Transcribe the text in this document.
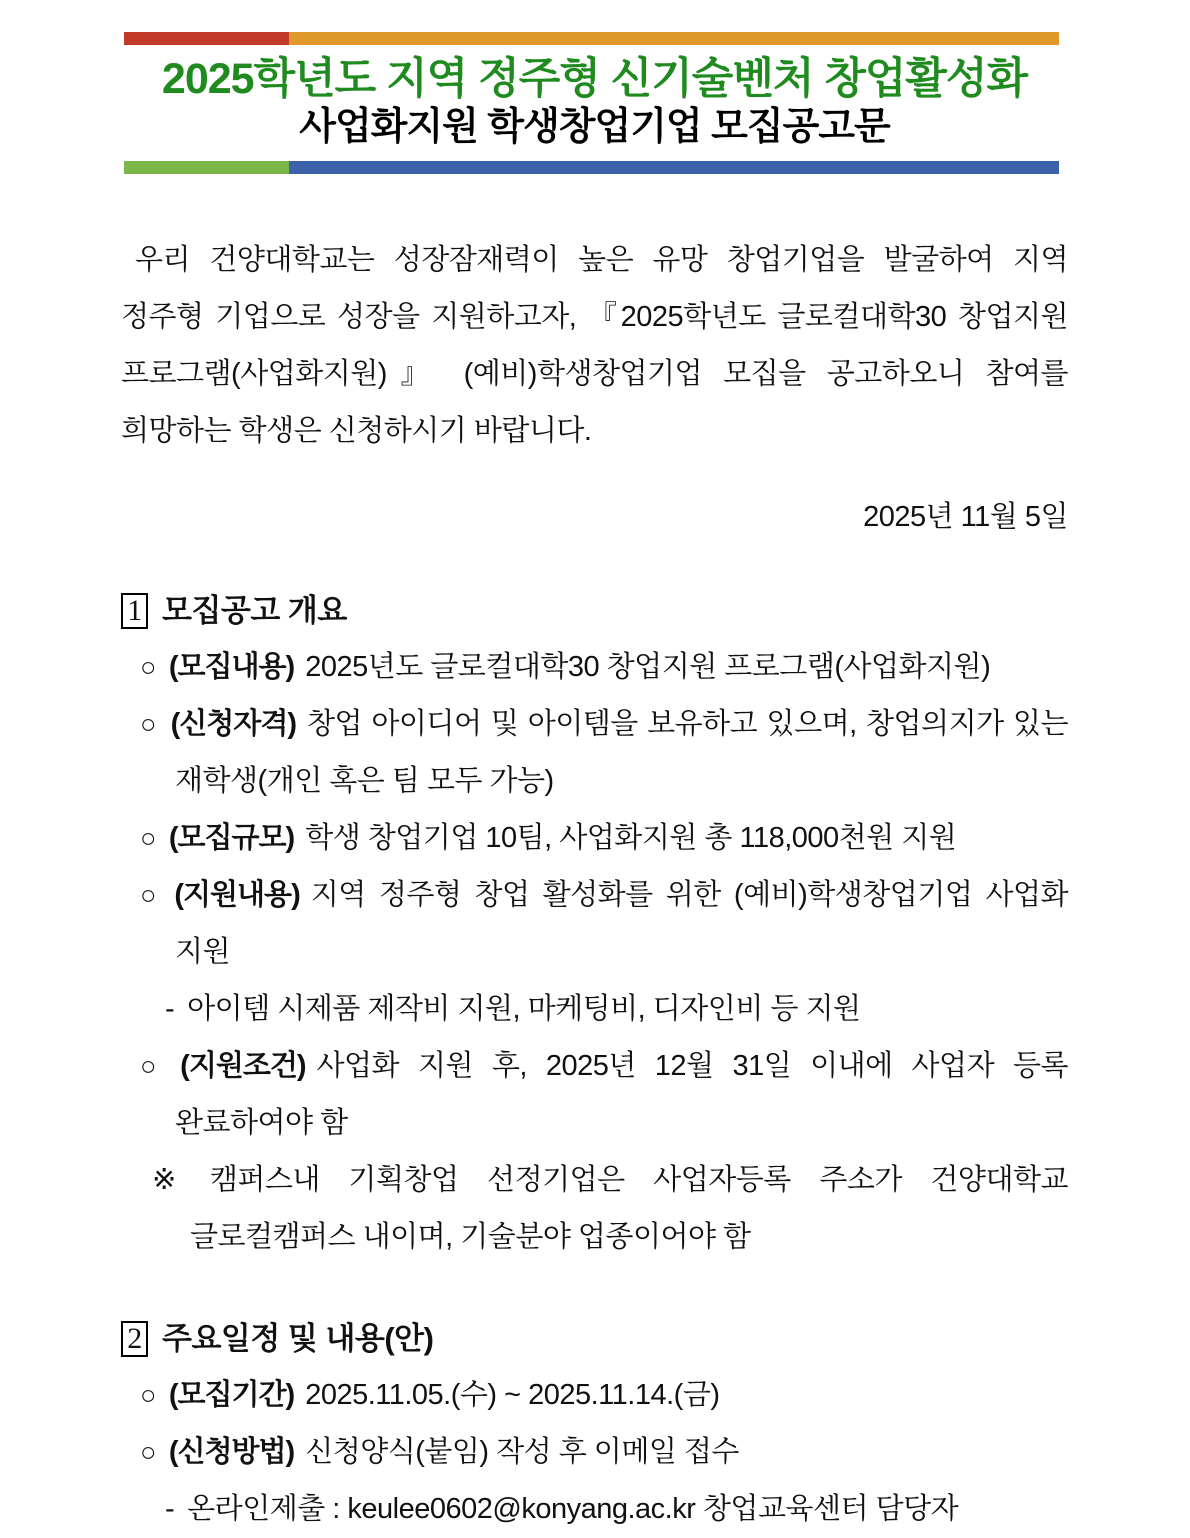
2025학년도 지역 정주형 신기술벤처 창업활성화
사업화지원 학생창업기업 모집공고문

우리 건양대학교는 성장잠재력이 높은 유망 창업기업을 발굴하여 지역 정주형 기업으로 성장을 지원하고자, 『2025학년도 글로컬대학30 창업지원 프로그램(사업화지원)』 (예비)학생창업기업 모집을 공고하오니 참여를 희망하는 학생은 신청하시기 바랍니다.

2025년 11월 5일
1 모집공고 개요
○ (모집내용) 2025년도 글로컬대학30 창업지원 프로그램(사업화지원)
○ (신청자격) 창업 아이디어 및 아이템을 보유하고 있으며, 창업의지가 있는 재학생(개인 혹은 팀 모두 가능)
○ (모집규모) 학생 창업기업 10팀, 사업화지원 총 118,000천원 지원
○ (지원내용) 지역 정주형 창업 활성화를 위한 (예비)학생창업기업 사업화 지원
- 아이템 시제품 제작비 지원, 마케팅비, 디자인비 등 지원
○ (지원조건) 사업화 지원 후, 2025년 12월 31일 이내에 사업자 등록 완료하여야 함
※ 캠퍼스내 기획창업 선정기업은 사업자등록 주소가 건양대학교 글로컬캠퍼스 내이며, 기술분야 업종이어야 함
2 주요일정 및 내용(안)
○ (모집기간) 2025.11.05.(수) ~ 2025.11.14.(금)
○ (신청방법) 신청양식(붙임) 작성 후 이메일 접수
- 온라인제출 : keulee0602@konyang.ac.kr 창업교육센터 담당자
